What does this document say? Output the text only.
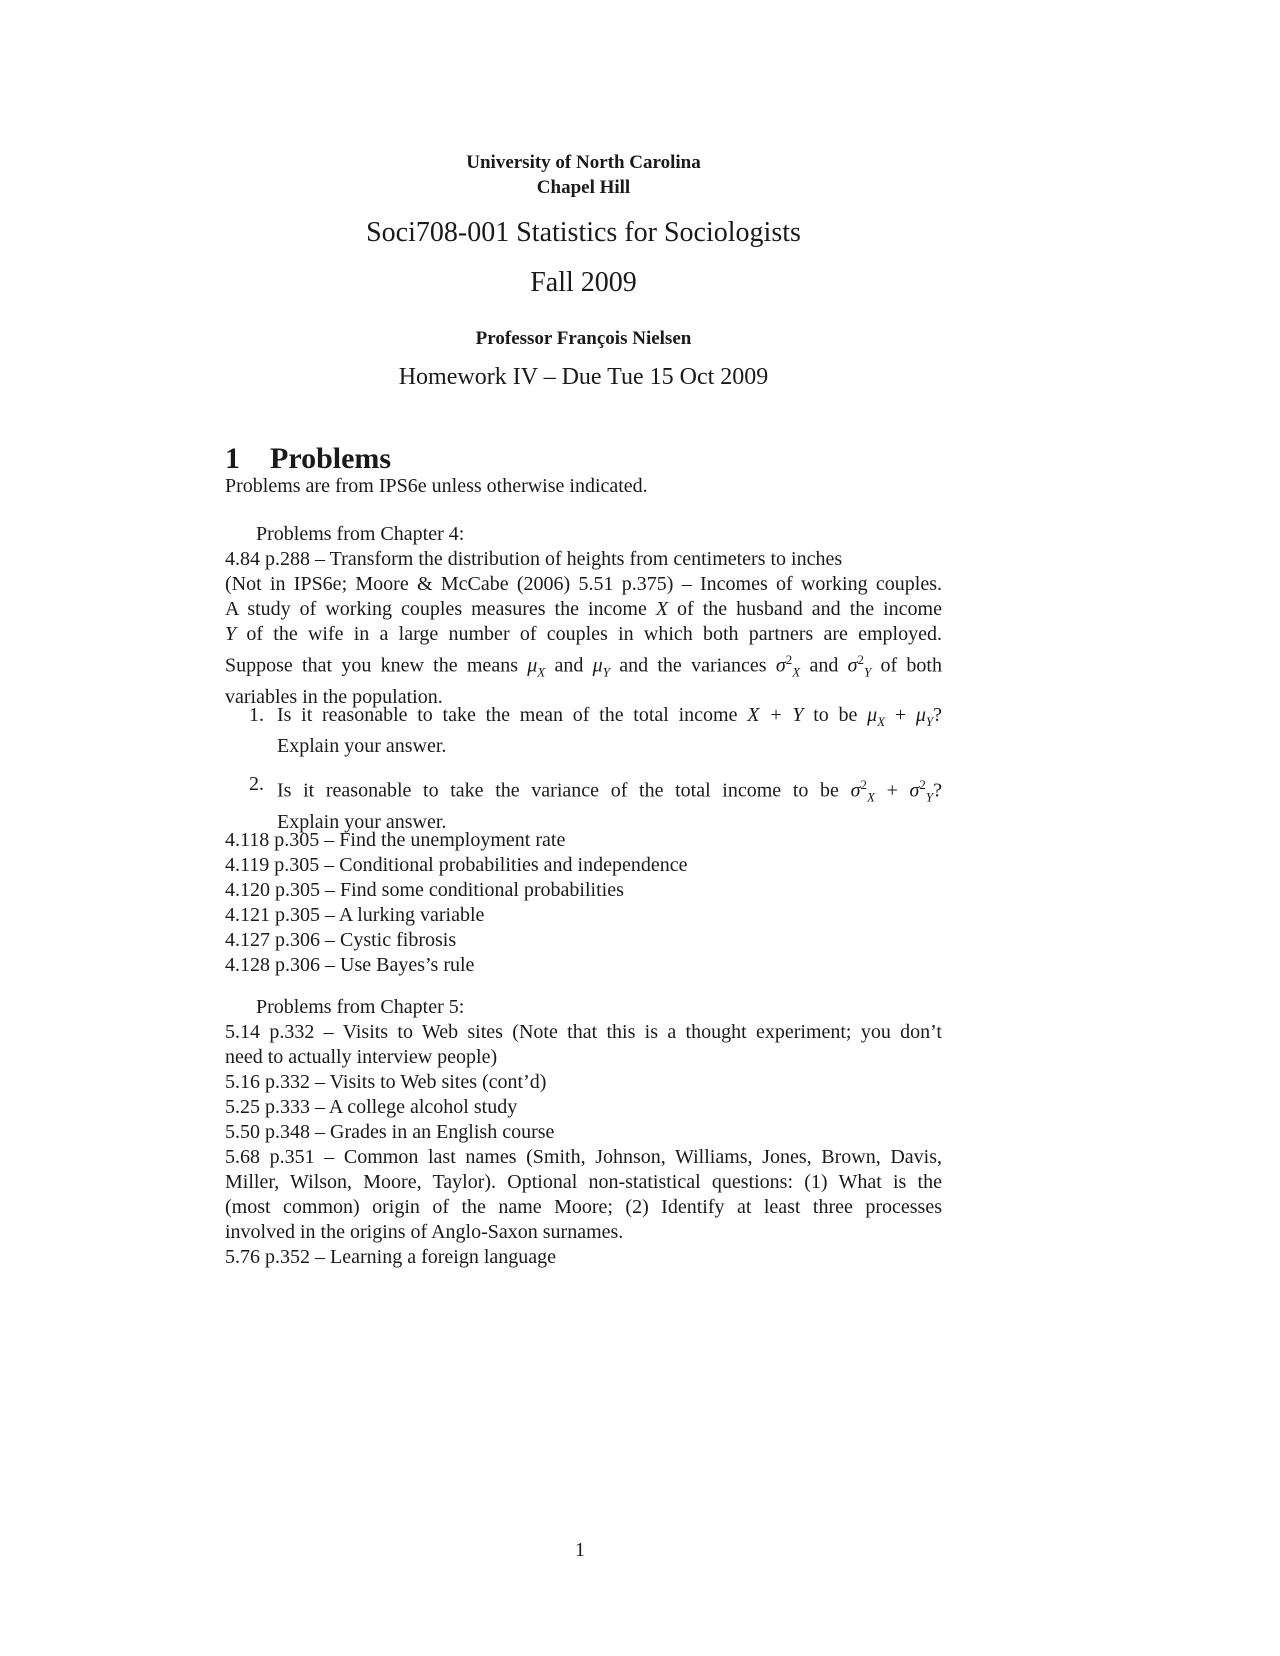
University of North Carolina
Chapel Hill
Soci708-001 Statistics for Sociologists
Fall 2009
Professor François Nielsen
Homework IV – Due Tue 15 Oct 2009
1 Problems
Problems are from IPS6e unless otherwise indicated.
Problems from Chapter 4:
4.84 p.288 – Transform the distribution of heights from centimeters to inches
(Not in IPS6e; Moore & McCabe (2006) 5.51 p.375) – Incomes of working couples.
A study of working couples measures the income X of the husband and the income
Y of the wife in a large number of couples in which both partners are employed.
Suppose that you knew the means $\mu_X$ and $\mu_Y$ and the variances $\sigma^2_X$ and $\sigma^2_Y$ of both
variables in the population.
1. Is it reasonable to take the mean of the total income X + Y to be $\mu_X + \mu_Y$?
Explain your answer.
2. Is it reasonable to take the variance of the total income to be $\sigma^2_X + \sigma^2_Y$?
Explain your answer.
4.118 p.305 – Find the unemployment rate
4.119 p.305 – Conditional probabilities and independence
4.120 p.305 – Find some conditional probabilities
4.121 p.305 – A lurking variable
4.127 p.306 – Cystic fibrosis
4.128 p.306 – Use Bayes’s rule
Problems from Chapter 5:
5.14 p.332 – Visits to Web sites (Note that this is a thought experiment; you don’t
need to actually interview people)
5.16 p.332 – Visits to Web sites (cont’d)
5.25 p.333 – A college alcohol study
5.50 p.348 – Grades in an English course
5.68 p.351 – Common last names (Smith, Johnson, Williams, Jones, Brown, Davis,
Miller, Wilson, Moore, Taylor). Optional non-statistical questions: (1) What is the
(most common) origin of the name Moore; (2) Identify at least three processes
involved in the origins of Anglo-Saxon surnames.
5.76 p.352 – Learning a foreign language
1
